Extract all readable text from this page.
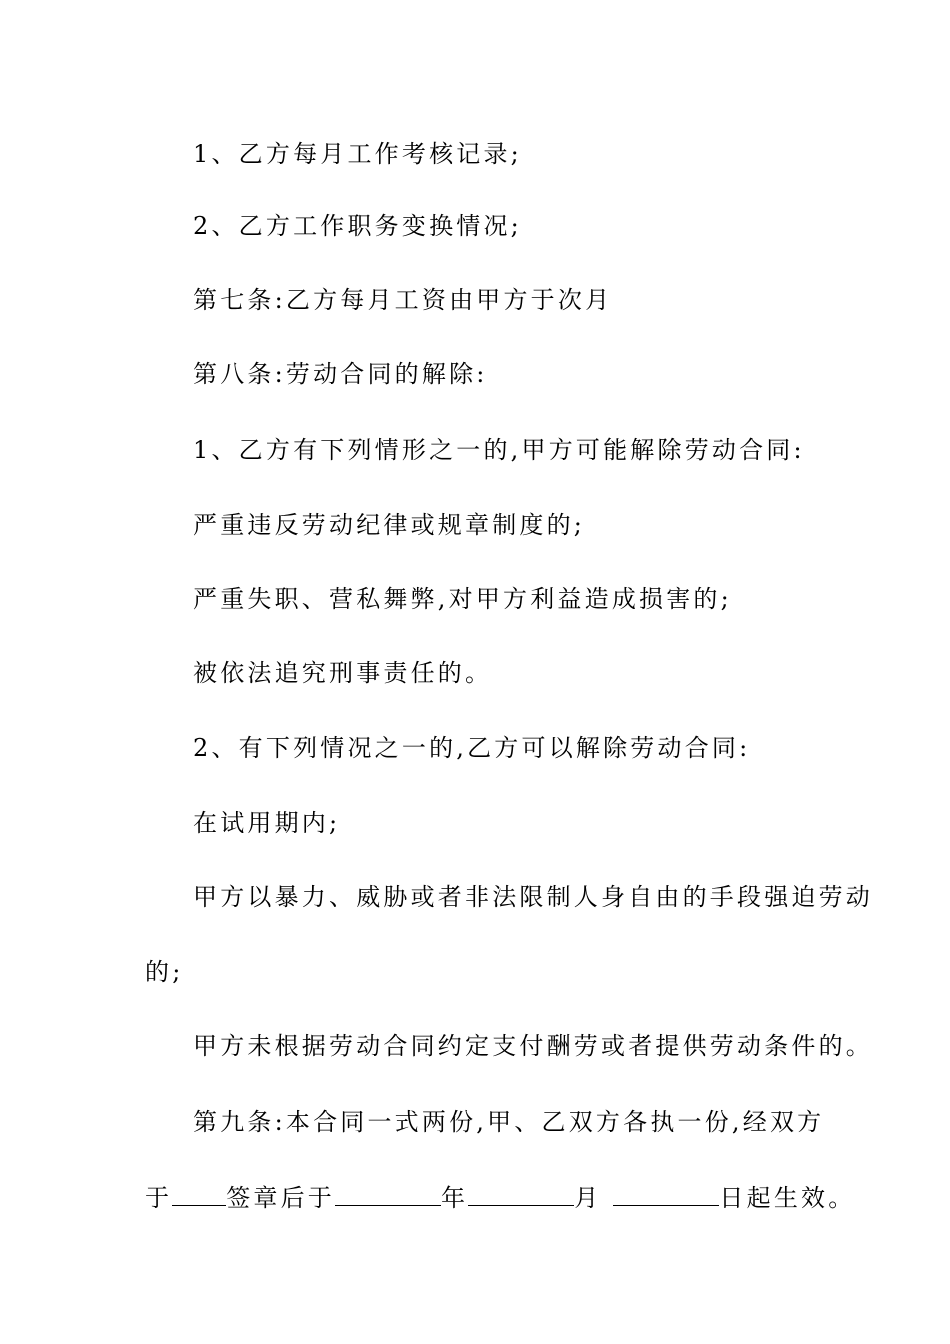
1、乙方每月工作考核记录;
2、乙方工作职务变换情况;
第七条:乙方每月工资由甲方于次月
第八条:劳动合同的解除:
1、乙方有下列情形之一的,甲方可能解除劳动合同:
严重违反劳动纪律或规章制度的;
严重失职、营私舞弊,对甲方利益造成损害的;
被依法追究刑事责任的。
2、有下列情况之一的,乙方可以解除劳动合同:
在试用期内;
甲方以暴力、威胁或者非法限制人身自由的手段强迫劳动
的;
甲方未根据劳动合同约定支付酬劳或者提供劳动条件的。
第九条:本合同一式两份,甲、乙双方各执一份,经双方
于 签章后于	年	月	日起生效。
